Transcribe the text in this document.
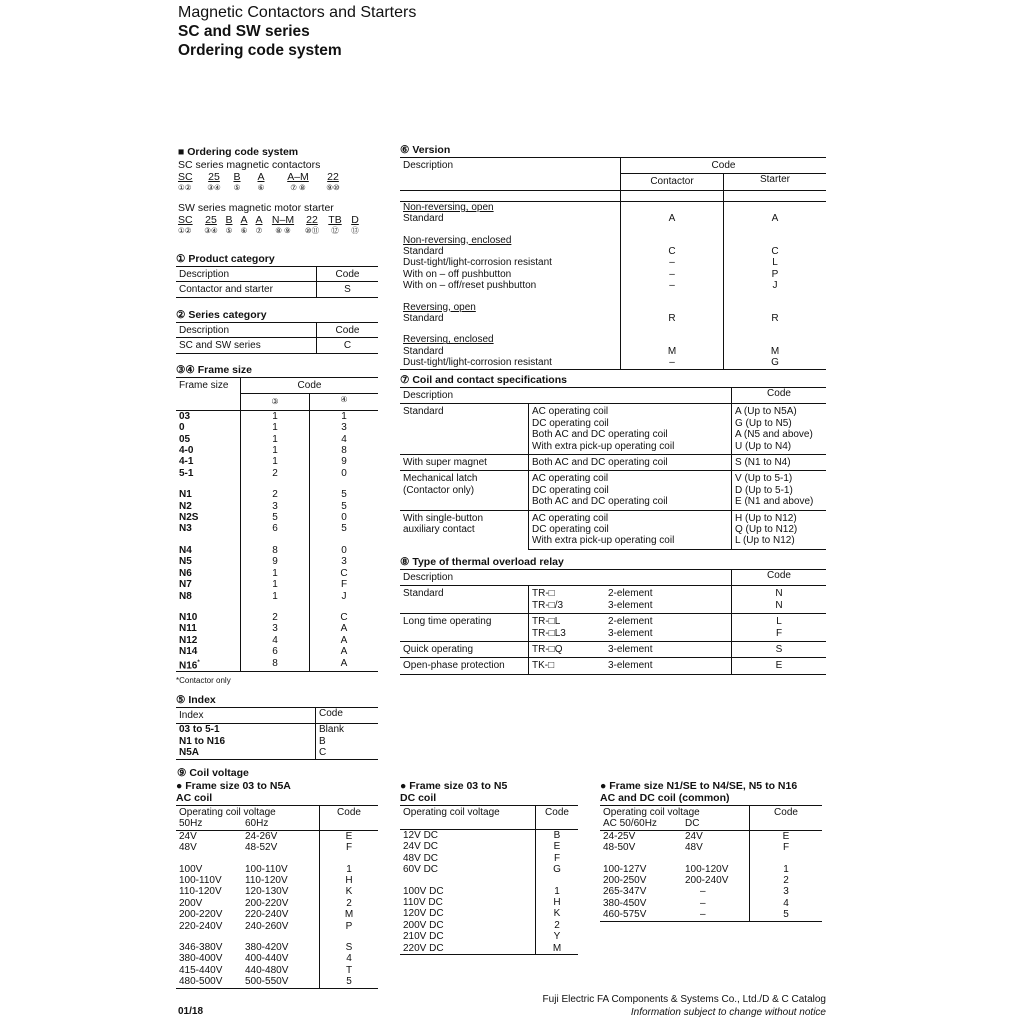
Magnetic Contactors and Starters
SC and SW series
Ordering code system
■ Ordering code system
SC series magnetic contactors
SC 25 B A A–M 22
①② ③④ ⑤ ⑥	⑦ ⑧	⑨⑩
SW series magnetic motor starter
SC 25 B A A N–M 22 TB D
①② ③④ ⑤ ⑥ ⑦ ⑧ ⑨ ⑩⑪ ⑫ ⑬
① Product category
Description	Code
Contactor and starter	S
② Series category
Description	Code
SC and SW series	C
③④ Frame size
Frame size	Code	
	③	④
03	1	1
0	1	3
05	1	4
4-0	1	8
4-1	1	9
5-1	2	0

N1	2	5
N2	3	5
N2S	5	0
N3	6	5

N4	8	0
N5	9	3
N6	1	C
N7	1	F
N8	1	J

N10	2	C
N11	3	A
N12	4	A
N14	6	A
N16*	8	A
*Contactor only
⑤ Index
Index	Code
03 to 5-1	Blank
N1 to N16	B
N5A	C
⑨ Coil voltage
● Frame size 03 to N5A
AC coil
Operating coil voltage		Code
50Hz	60Hz	
24V	24-26V	E
48V	48-52V	F

100V	100-110V	1
100-110V	110-120V	H
110-120V	120-130V	K
200V	200-220V	2
200-220V	220-240V	M
220-240V	240-260V	P

346-380V	380-420V	S
380-400V	400-440V	4
415-440V	440-480V	T
480-500V	500-550V	5
⑥ Version
Description	Code	
	Contactor	Starter

Non-reversing, open		
Standard	A	A

Non-reversing, enclosed		
Standard	C	C
Dust-tight/light-corrosion resistant	–	L
With on – off pushbutton	–	P
With on – off/reset pushbutton	–	J

Reversing, open		
Standard	R	R

Reversing, enclosed		
Standard	M	M
Dust-tight/light-corrosion resistant	–	G
⑦ Coil and contact specifications
Description		Code
Standard	AC operating coil	A (Up to N5A)
	DC operating coil	G (Up to N5)
	Both AC and DC operating coil	A (N5 and above)
	With extra pick-up operating coil	U (Up to N4)
With super magnet	Both AC and DC operating coil	S (N1 to N4)
Mechanical latch
(Contactor only)	AC operating coil	V (Up to 5-1)
	DC operating coil	D (Up to 5-1)
	Both AC and DC operating coil	E (N1 and above)
With single-button
auxiliary contact	AC operating coil	H (Up to N12)
	DC operating coil	Q (Up to N12)
	With extra pick-up operating coil	L (Up to N12)
⑧ Type of thermal overload relay
Description			Code
Standard	TR-□	2-element	N
	TR-□/3	3-element	N
Long time operating	TR-□L	2-element	L
	TR-□L3	3-element	F
Quick operating	TR-□Q	3-element	S
Open-phase protection	TK-□	3-element	E
● Frame size 03 to N5
DC coil
Operating coil voltage	Code
12V DC	B
24V DC	E
48V DC	F
60V DC	G

100V DC	1
110V DC	H
120V DC	K
200V DC	2
210V DC	Y
220V DC	M
● Frame size N1/SE to N4/SE, N5 to N16
AC and DC coil (common)
Operating coil voltage		Code
AC 50/60Hz	DC	
24-25V	24V	E
48-50V	48V	F

100-127V	100-120V	1
200-250V	200-240V	2
265-347V	–	3
380-450V	–	4
460-575V	–	5
01/18
Fuji Electric FA Components & Systems Co., Ltd./D & C Catalog
Information subject to change without notice
